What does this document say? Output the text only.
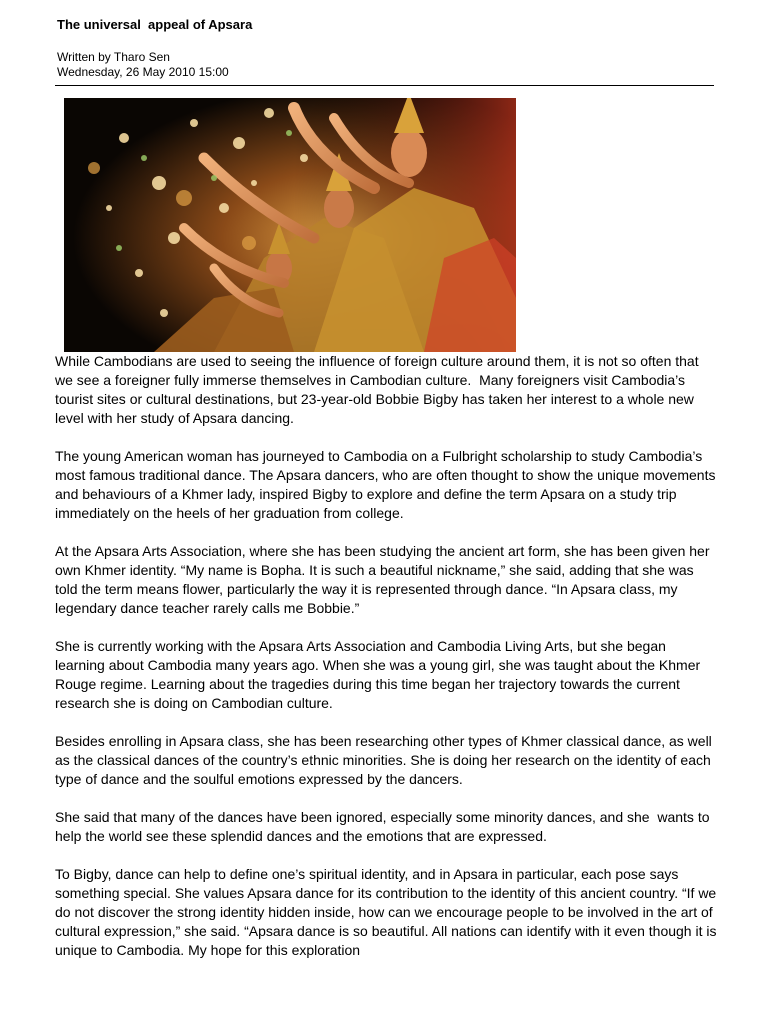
The universal  appeal of Apsara
Written by Tharo Sen
Wednesday, 26 May 2010 15:00

While Cambodians are used to seeing the influence of foreign culture around them, it is not so often that we see a foreigner fully immerse themselves in Cambodian culture.  Many foreigners visit Cambodia’s tourist sites or cultural destinations, but 23-year-old Bobbie Bigby has taken her interest to a whole new level with her study of Apsara dancing.

The young American woman has journeyed to Cambodia on a Fulbright scholarship to study Cambodia’s most famous traditional dance. The Apsara dancers, who are often thought to show the unique movements and behaviours of a Khmer lady, inspired Bigby to explore and define the term Apsara on a study trip immediately on the heels of her graduation from college.

At the Apsara Arts Association, where she has been studying the ancient art form, she has been given her own Khmer identity. “My name is Bopha. It is such a beautiful nickname,” she said, adding that she was told the term means flower, particularly the way it is represented through dance. “In Apsara class, my legendary dance teacher rarely calls me Bobbie.”

She is currently working with the Apsara Arts Association and Cambodia Living Arts, but she began learning about Cambodia many years ago. When she was a young girl, she was taught about the Khmer Rouge regime. Learning about the tragedies during this time began her trajectory towards the current research she is doing on Cambodian culture.

Besides enrolling in Apsara class, she has been researching other types of Khmer classical dance, as well as the classical dances of the country’s ethnic minorities. She is doing her research on the identity of each type of dance and the soulful emotions expressed by the dancers.

She said that many of the dances have been ignored, especially some minority dances, and she  wants to help the world see these splendid dances and the emotions that are expressed.

To Bigby, dance can help to define one’s spiritual identity, and in Apsara in particular, each pose says something special. She values Apsara dance for its contribution to the identity of this ancient country. “If we do not discover the strong identity hidden inside, how can we encourage people to be involved in the art of cultural expression,” she said. “Apsara dance is so beautiful. All nations can identify with it even though it is unique to Cambodia. My hope for this exploration
